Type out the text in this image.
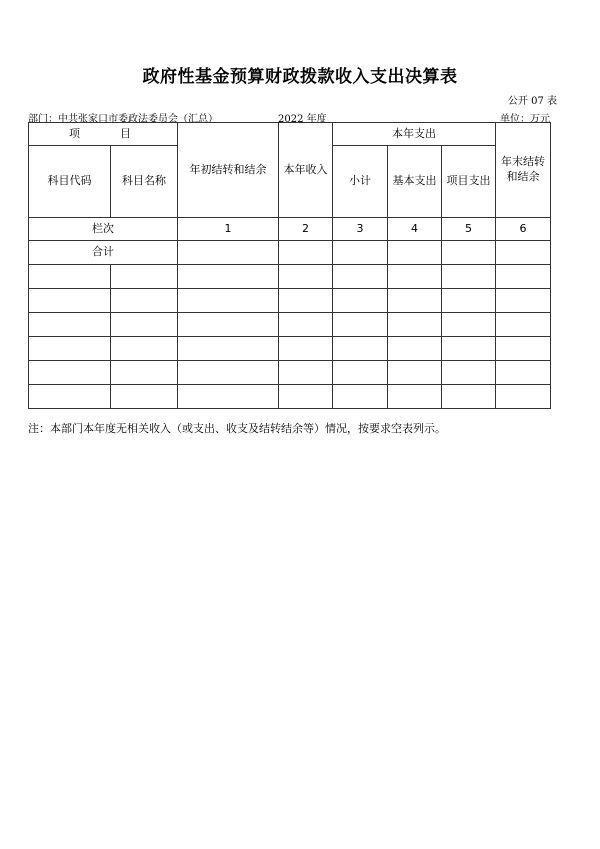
政府性基金预算财政拨款收入支出决算表
公开 07 表
部门：中共张家口市委政法委员会（汇总）	2022 年度	单位：万元
项　　目		年初结转和结余	本年收入	本年支出			年末结转和结余
科目代码	科目名称			小计	基本支出	项目支出	
栏次		1	2	3	4	5	6
合计							

注：本部门本年度无相关收入（或支出、收支及结转结余等）情况，按要求空表列示。
